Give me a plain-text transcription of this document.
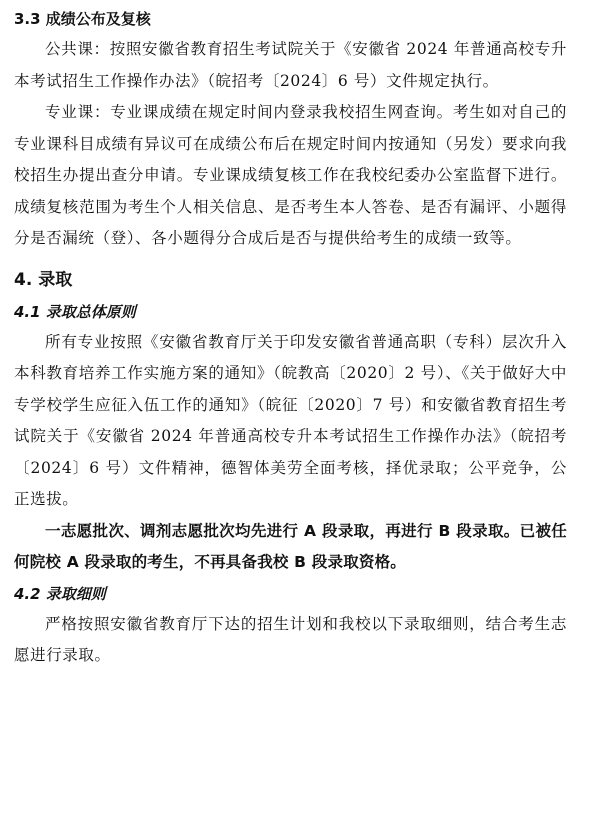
3.3 成绩公布及复核

公共课：按照安徽省教育招生考试院关于《安徽省 2024 年普通高校专升本考试招生工作操作办法》（皖招考〔2024〕6 号）文件规定执行。

专业课：专业课成绩在规定时间内登录我校招生网查询。考生如对自己的专业课科目成绩有异议可在成绩公布后在规定时间内按通知（另发）要求向我校招生办提出查分申请。专业课成绩复核工作在我校纪委办公室监督下进行。成绩复核范围为考生个人相关信息、是否考生本人答卷、是否有漏评、小题得分是否漏统（登）、各小题得分合成后是否与提供给考生的成绩一致等。

4. 录取
4.1 录取总体原则

所有专业按照《安徽省教育厅关于印发安徽省普通高职（专科）层次升入本科教育培养工作实施方案的通知》（皖教高〔2020〕2 号）、《关于做好大中专学校学生应征入伍工作的通知》（皖征〔2020〕7 号）和安徽省教育招生考试院关于《安徽省 2024 年普通高校专升本考试招生工作操作办法》（皖招考〔2024〕6 号）文件精神，德智体美劳全面考核，择优录取；公平竞争，公正选拔。

一志愿批次、调剂志愿批次均先进行 A 段录取，再进行 B 段录取。已被任何院校 A 段录取的考生，不再具备我校 B 段录取资格。

4.2 录取细则

严格按照安徽省教育厅下达的招生计划和我校以下录取细则，结合考生志愿进行录取。
